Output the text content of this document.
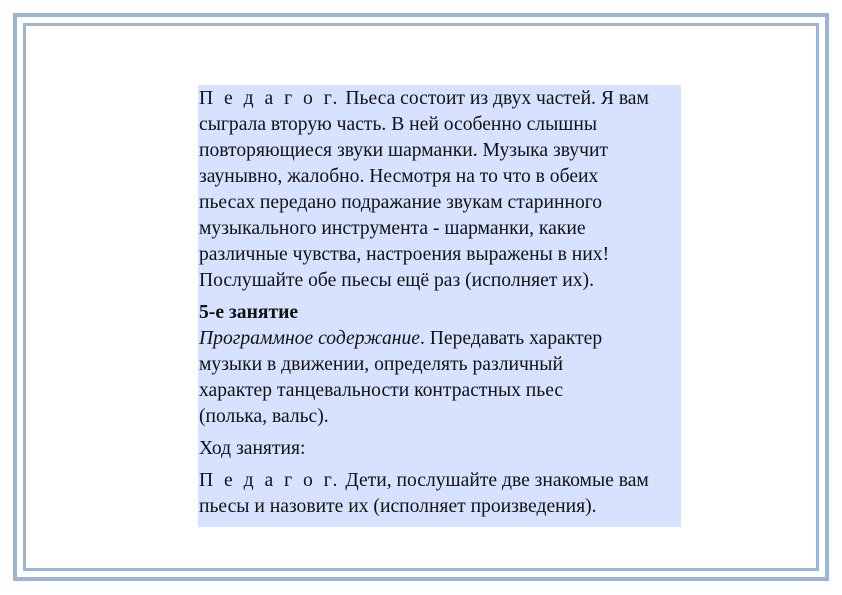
П е д а г о г. Пьеса состоит из двух частей. Я вам
сыграла вторую часть. В ней особенно слышны
повторяющиеся звуки шарманки. Музыка звучит
заунывно, жалобно. Несмотря на то что в обеих
пьесах передано подражание звукам старинного
музыкального инструмента - шарманки, какие
различные чувства, настроения выражены в них!
Послушайте обе пьесы ещё раз (исполняет их).

5-е занятие
Программное содержание. Передавать характер
музыки в движении, определять различный
характер танцевальности контрастных пьес
(полька, вальс).

Ход занятия:

П е д а г о г. Дети, послушайте две знакомые вам
пьесы и назовите их (исполняет произведения).
